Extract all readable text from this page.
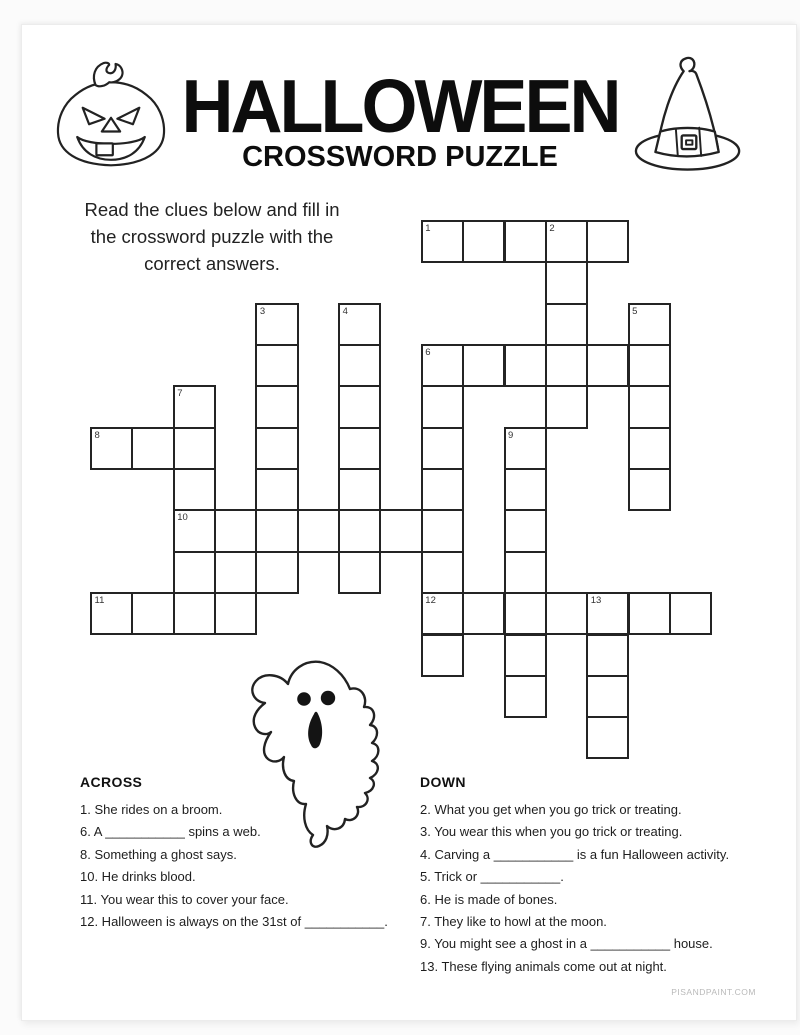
HALLOWEEN
CROSSWORD PUZZLE
Read the clues below and fill in
the crossword puzzle with the
correct answers.
1	2
3	4	5
6
7
8	9
10
11	12	13
ACROSS
1. She rides on a broom.
6. A ___________ spins a web.
8. Something a ghost says.
10. He drinks blood.
11. You wear this to cover your face.
12. Halloween is always on the 31st of ___________.
DOWN
2. What you get when you go trick or treating.
3. You wear this when you go trick or treating.
4. Carving a ___________ is a fun Halloween activity.
5. Trick or ___________.
6. He is made of bones.
7. They like to howl at the moon.
9. You might see a ghost in a ___________ house.
13. These flying animals come out at night.
PISANDPAINT.COM
